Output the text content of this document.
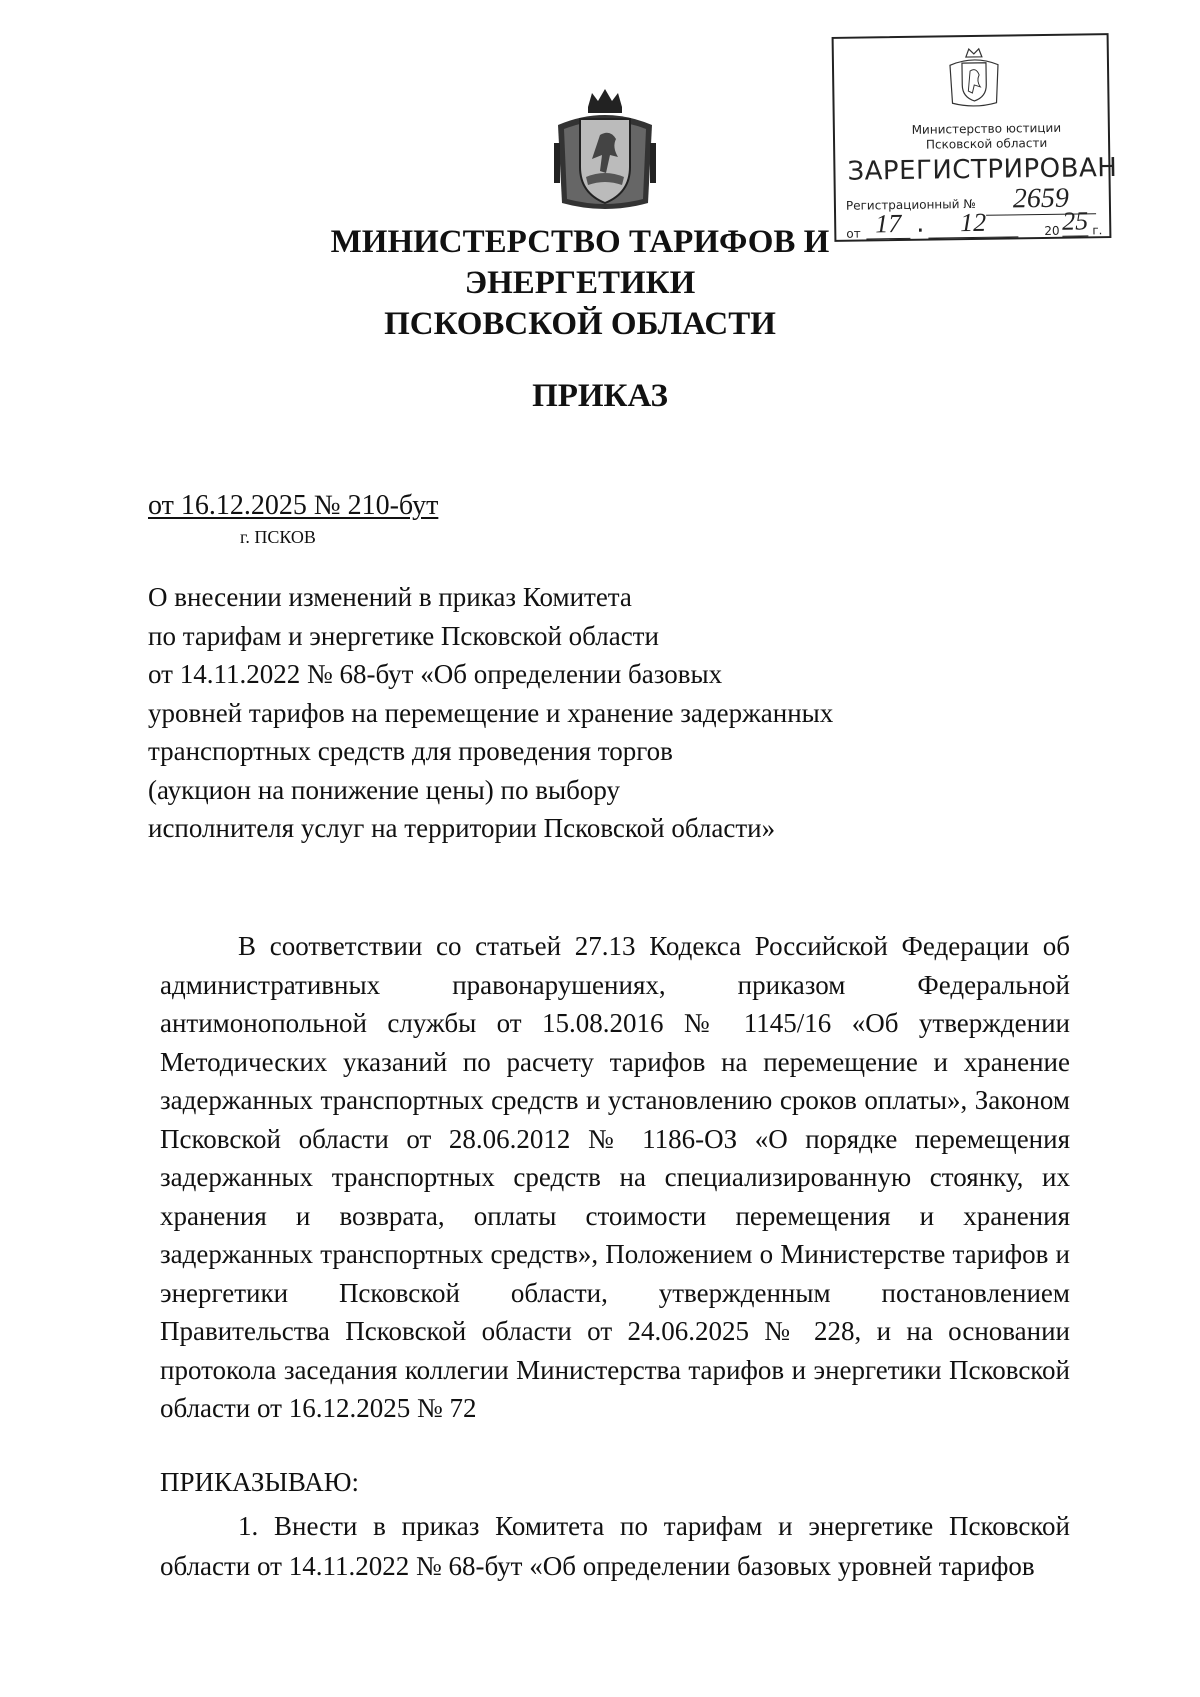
Министерство юстиции
Псковской области
ЗАРЕГИСТРИРОВАН
Регистрационный №	2659
от 17 .	12	20 25 г.
МИНИСТЕРСТВО ТАРИФОВ И ЭНЕРГЕТИКИ
ПСКОВСКОЙ ОБЛАСТИ
ПРИКАЗ
от 16.12.2025 № 210-бут
г. ПСКОВ
О внесении изменений в приказ Комитета
по тарифам и энергетике Псковской области
от 14.11.2022 № 68-бут «Об определении базовых
уровней тарифов на перемещение и хранение задержанных
транспортных средств для проведения торгов
(аукцион на понижение цены) по выбору
исполнителя услуг на территории Псковской области»

В соответствии со статьей 27.13 Кодекса Российской Федерации об административных правонарушениях, приказом Федеральной антимонопольной службы от 15.08.2016 № 1145/16 «Об утверждении Методических указаний по расчету тарифов на перемещение и хранение задержанных транспортных средств и установлению сроков оплаты», Законом Псковской области от 28.06.2012 № 1186-ОЗ «О порядке перемещения задержанных транспортных средств на специализированную стоянку, их хранения и возврата, оплаты стоимости перемещения и хранения задержанных транспортных средств», Положением о Министерстве тарифов и энергетики Псковской области, утвержденным постановлением Правительства Псковской области от 24.06.2025 № 228, и на основании протокола заседания коллегии Министерства тарифов и энергетики Псковской области от 16.12.2025 № 72

ПРИКАЗЫВАЮ:
1. Внести в приказ Комитета по тарифам и энергетике Псковской области от 14.11.2022 № 68-бут «Об определении базовых уровней тарифов
